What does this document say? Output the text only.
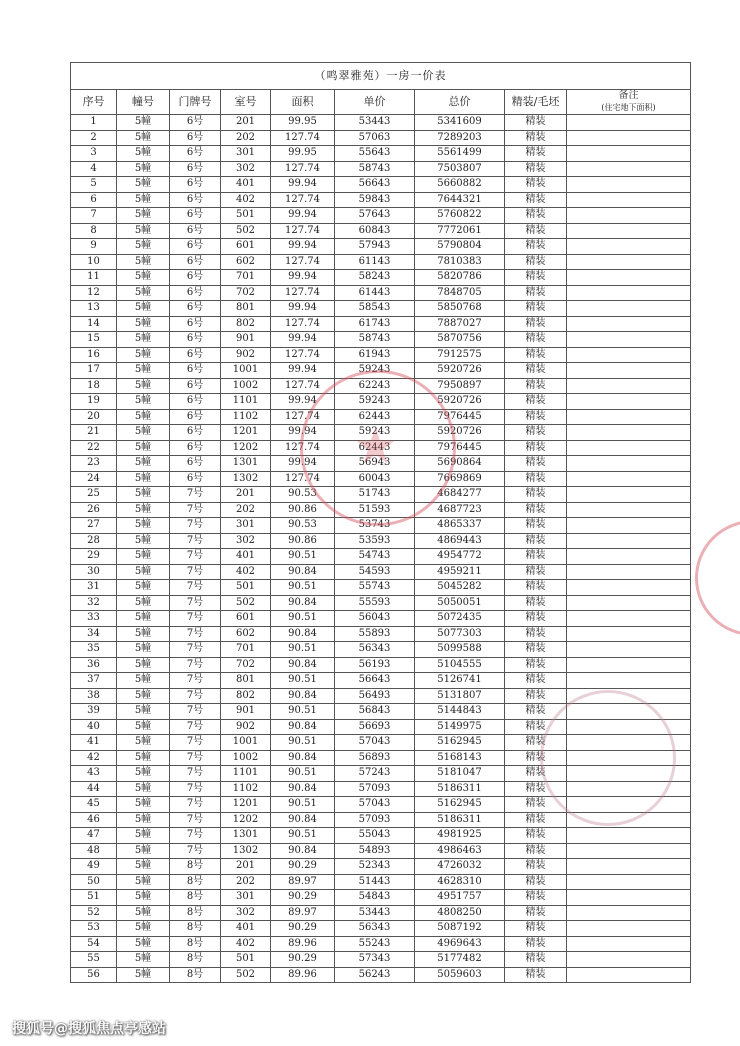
（鸣翠雅苑）一房一价表								
序号	幢号	门牌号	室号	面积	单价	总价	精装/毛坯	备注
(住宅地下面积)

1	5幢	6号	201	99.95	53443	5341609	精装	
2	5幢	6号	202	127.74	57063	7289203	精装	
3	5幢	6号	301	99.95	55643	5561499	精装	
4	5幢	6号	302	127.74	58743	7503807	精装	
5	5幢	6号	401	99.94	56643	5660882	精装	
6	5幢	6号	402	127.74	59843	7644321	精装	
7	5幢	6号	501	99.94	57643	5760822	精装	
8	5幢	6号	502	127.74	60843	7772061	精装	
9	5幢	6号	601	99.94	57943	5790804	精装	
10	5幢	6号	602	127.74	61143	7810383	精装	
11	5幢	6号	701	99.94	58243	5820786	精装	
12	5幢	6号	702	127.74	61443	7848705	精装	
13	5幢	6号	801	99.94	58543	5850768	精装	
14	5幢	6号	802	127.74	61743	7887027	精装	
15	5幢	6号	901	99.94	58743	5870756	精装	
16	5幢	6号	902	127.74	61943	7912575	精装	
17	5幢	6号	1001	99.94	59243	5920726	精装	
18	5幢	6号	1002	127.74	62243	7950897	精装	
19	5幢	6号	1101	99.94	59243	5920726	精装	
20	5幢	6号	1102	127.74	62443	7976445	精装	
21	5幢	6号	1201	99.94	59243	5920726	精装	
22	5幢	6号	1202	127.74	62443	7976445	精装	
23	5幢	6号	1301	99.94	56943	5690864	精装	
24	5幢	6号	1302	127.74	60043	7669869	精装	
25	5幢	7号	201	90.53	51743	4684277	精装	
26	5幢	7号	202	90.86	51593	4687723	精装	
27	5幢	7号	301	90.53	53743	4865337	精装	
28	5幢	7号	302	90.86	53593	4869443	精装	
29	5幢	7号	401	90.51	54743	4954772	精装	
30	5幢	7号	402	90.84	54593	4959211	精装	
31	5幢	7号	501	90.51	55743	5045282	精装	
32	5幢	7号	502	90.84	55593	5050051	精装	
33	5幢	7号	601	90.51	56043	5072435	精装	
34	5幢	7号	602	90.84	55893	5077303	精装	
35	5幢	7号	701	90.51	56343	5099588	精装	
36	5幢	7号	702	90.84	56193	5104555	精装	
37	5幢	7号	801	90.51	56643	5126741	精装	
38	5幢	7号	802	90.84	56493	5131807	精装	
39	5幢	7号	901	90.51	56843	5144843	精装	
40	5幢	7号	902	90.84	56693	5149975	精装	
41	5幢	7号	1001	90.51	57043	5162945	精装	
42	5幢	7号	1002	90.84	56893	5168143	精装	
43	5幢	7号	1101	90.51	57243	5181047	精装	
44	5幢	7号	1102	90.84	57093	5186311	精装	
45	5幢	7号	1201	90.51	57043	5162945	精装	
46	5幢	7号	1202	90.84	57093	5186311	精装	
47	5幢	7号	1301	90.51	55043	4981925	精装	
48	5幢	7号	1302	90.84	54893	4986463	精装	
49	5幢	8号	201	90.29	52343	4726032	精装	
50	5幢	8号	202	89.97	51443	4628310	精装	
51	5幢	8号	301	90.29	54843	4951757	精装	
52	5幢	8号	302	89.97	53443	4808250	精装	
53	5幢	8号	401	90.29	56343	5087192	精装	
54	5幢	8号	402	89.96	55243	4969643	精装	
55	5幢	8号	501	90.29	57343	5177482	精装	
56	5幢	8号	502	89.96	56243	5059603	精装	
★
搜狐号@搜狐焦点亭感站
